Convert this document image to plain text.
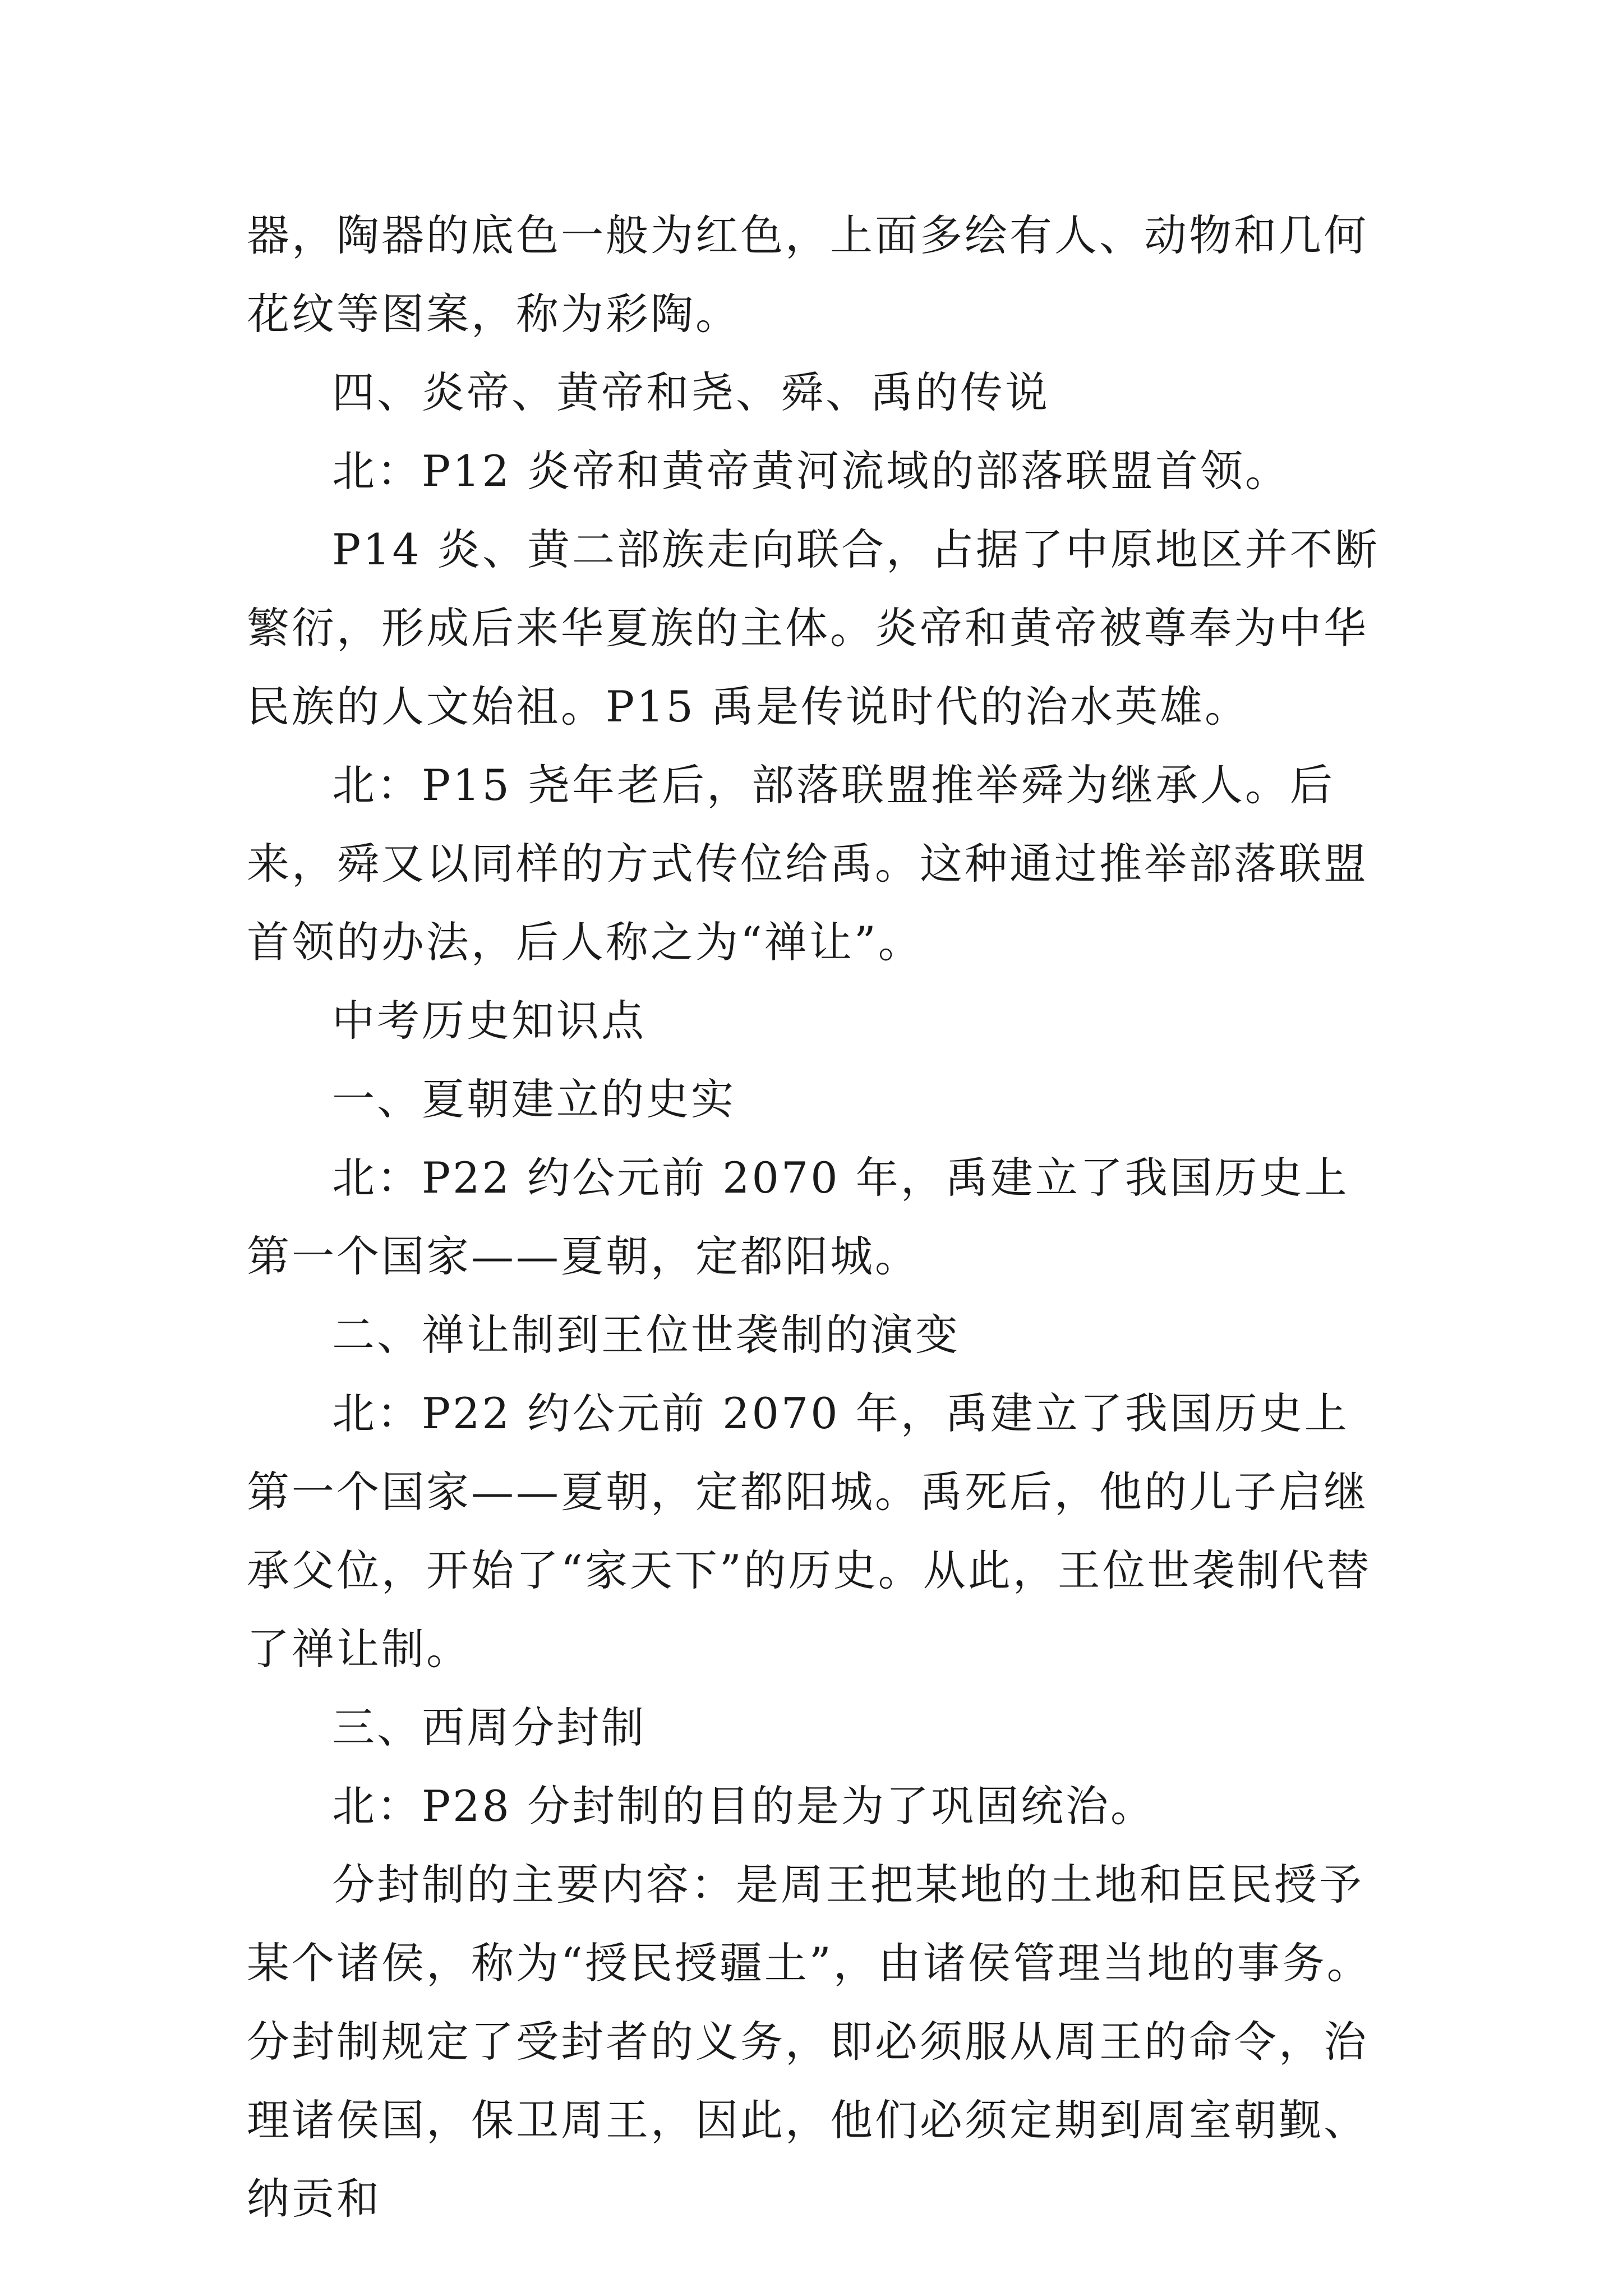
器，陶器的底色一般为红色，上面多绘有人、动物和几何花纹等图案，称为彩陶。

四、炎帝、黄帝和尧、舜、禹的传说

北：P12 炎帝和黄帝黄河流域的部落联盟首领。

P14 炎、黄二部族走向联合，占据了中原地区并不断繁衍，形成后来华夏族的主体。炎帝和黄帝被尊奉为中华民族的人文始祖。P15 禹是传说时代的治水英雄。

北：P15 尧年老后，部落联盟推举舜为继承人。后来，舜又以同样的方式传位给禹。这种通过推举部落联盟首领的办法，后人称之为“禅让”。

中考历史知识点

一、夏朝建立的史实

北：P22 约公元前 2070 年，禹建立了我国历史上第一个国家——夏朝，定都阳城。

二、禅让制到王位世袭制的演变

北：P22 约公元前 2070 年，禹建立了我国历史上第一个国家——夏朝，定都阳城。禹死后，他的儿子启继承父位，开始了“家天下”的历史。从此，王位世袭制代替了禅让制。

三、西周分封制

北：P28 分封制的目的是为了巩固统治。

分封制的主要内容：是周王把某地的土地和臣民授予某个诸侯，称为“授民授疆土”，由诸侯管理当地的事务。分封制规定了受封者的义务，即必须服从周王的命令，治理诸侯国，保卫周王，因此，他们必须定期到周室朝觐、纳贡和
